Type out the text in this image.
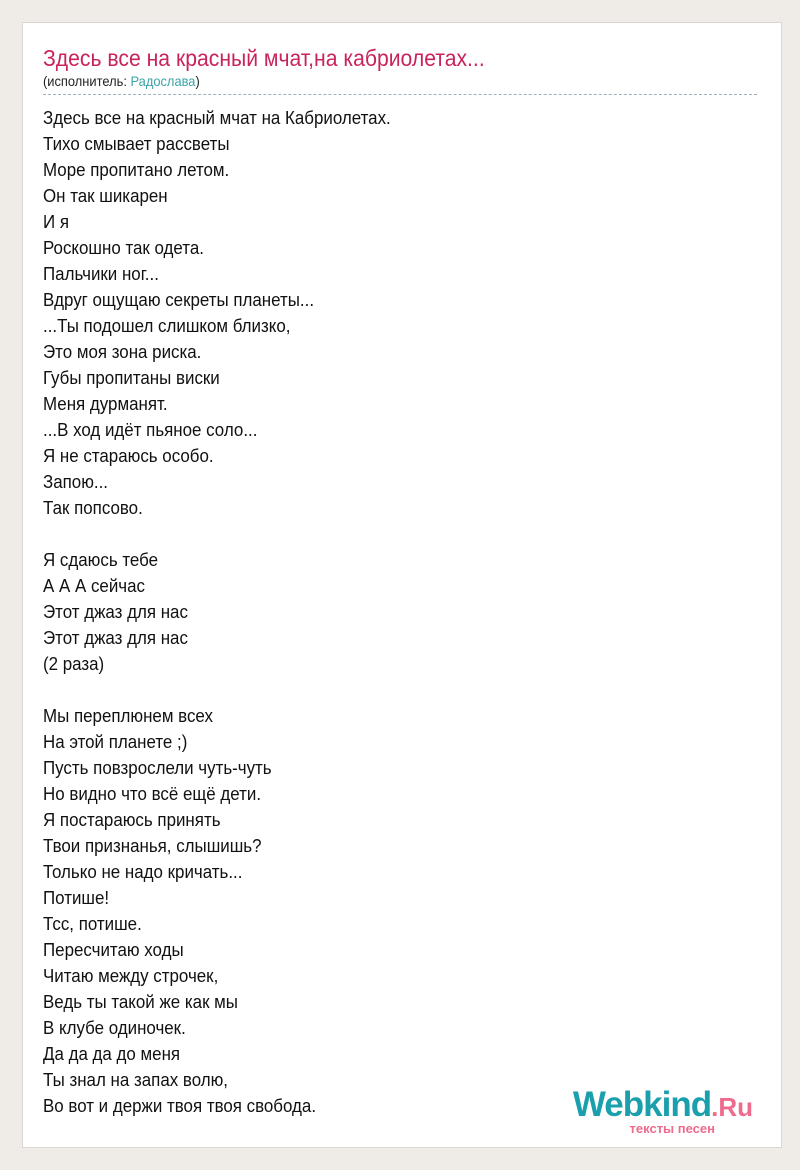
Здесь все на красный мчат,на кабриолетах...
(исполнитель: Радослава)
Здесь все на красный мчат на Кабриолетах.
Тихо смывает рассветы
Море пропитано летом.
Он так шикарен
И я
Роскошно так одета.
Пальчики ног...
Вдруг ощущаю секреты планеты...
...Ты подошел слишком близко,
Это моя зона риска.
Губы пропитаны виски
Меня дурманят.
...В ход идёт пьяное соло...
Я не стараюсь особо.
Запою...
Так попсово.
Я сдаюсь тебе
А А А сейчас
Этот джаз для нас
Этот джаз для нас
(2 раза)
Мы переплюнем всех
На этой планете ;)
Пусть повзрослели чуть-чуть
Но видно что всё ещё дети.
Я постараюсь принять
Твои признанья, слышишь?
Только не надо кричать...
Потише!
Тсс, потише.
Пересчитаю ходы
Читаю между строчек,
Ведь ты такой же как мы
В клубе одиночек.
Да да да до меня
Ты знал на запах волю,
Во вот и держи твоя твоя свобода.	Webkind.Ru
тексты песен
